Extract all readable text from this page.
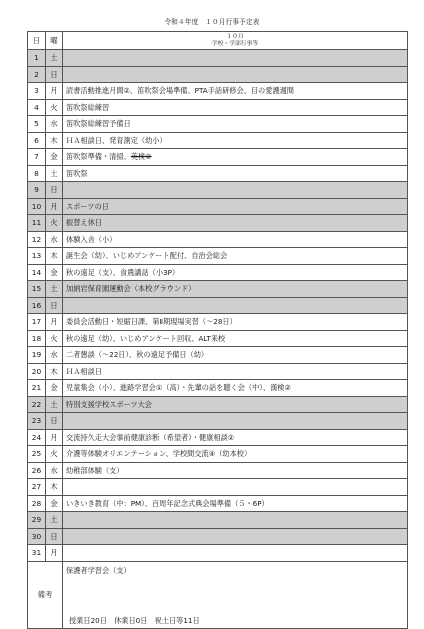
令和４年度　１０月行事予定表
日	曜	１０月
学校・学部行事等

1	土	
2	日	
3	月	読書活動推進月間②、笛吹祭会場準備、PTA手話研修会、目の愛護週間
4	火	笛吹祭総練習
5	水	笛吹祭総練習予備日
6	木	ＨＡ相談日、発育測定（幼小）
7	金	笛吹祭準備・清掃、英検②
8	土	笛吹祭
9	日	
10	月	スポーツの日
11	火	振替え休日
12	水	体験入舎（小）
13	木	誕生会（幼）、いじめアンケート配付、自治会総会
14	金	秋の遠足（支）、食農講話（小3P）
15	土	加納岩保育園運動会（本校グラウンド）
16	日	
17	月	委員会活動日・短縮日課、第Ⅱ期現場実習（～28日）
18	火	秋の遠足（幼）、いじめアンケート回収、ALT来校
19	水	二者懇談（～22日）、秋の遠足予備日（幼）
20	木	ＨＡ相談日
21	金	児童集会（小）、進路学習会①（高）・先輩の話を聴く会（中）、漢検②
22	土	特別支援学校スポーツ大会
23	日	
24	月	交流持久走大会事前健康診断（希望者）・健康相談②
25	火	介護等体験オリエンテーション、学校間交流④（幼本校）
26	水	幼稚部体験（支）
27	木	
28	金	いきいき教育（中：PM）、百周年記念式典会場準備（５・6P）
29	土	
30	日	
31	月	
備考		保護者学習会（支）
授業日20日　休業日0日　祝土日等11日
